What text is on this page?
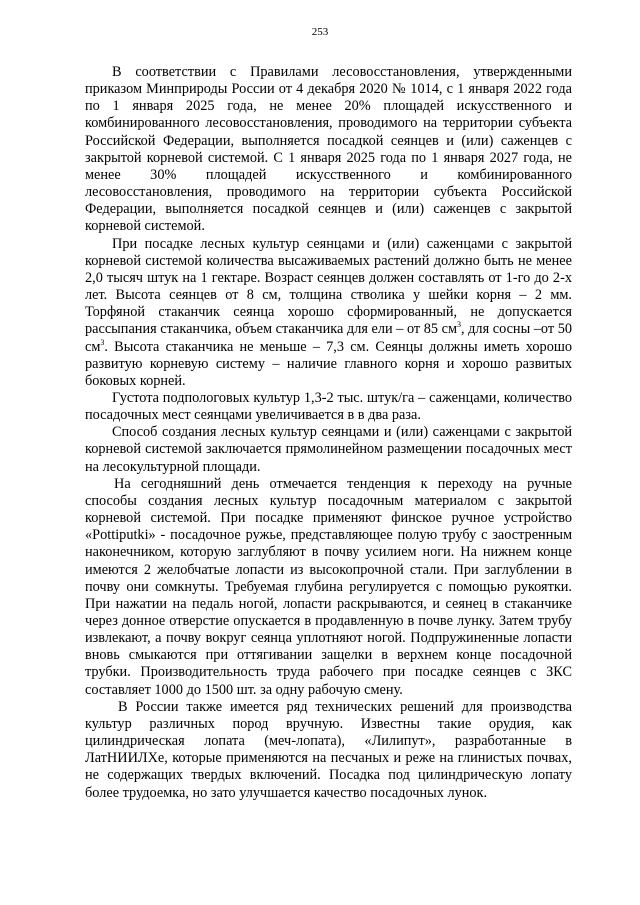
253

В соответствии с Правилами лесовосстановления, утвержденными приказом Минприроды России от 4 декабря 2020 № 1014, с 1 января 2022 года по 1 января 2025 года, не менее 20% площадей искусственного и комбинированного лесовосстановления, проводимого на территории субъекта Российской Федерации, выполняется посадкой сеянцев и (или) саженцев с закрытой корневой системой. С 1 января 2025 года по 1 января 2027 года, не менее 30% площадей искусственного и комбинированного лесовосстановления, проводимого на территории субъекта Российской Федерации, выполняется посадкой сеянцев и (или) саженцев с закрытой корневой системой.

При посадке лесных культур сеянцами и (или) саженцами с закрытой корневой системой количества высаживаемых растений должно быть не менее 2,0 тысяч штук на 1 гектаре. Возраст сеянцев должен составлять от 1-го до 2-х лет. Высота сеянцев от 8 см, толщина стволика у шейки корня – 2 мм. Торфяной стаканчик сеянца хорошо сформированный, не допускается рассыпания стаканчика, объем стаканчика для ели – от 85 $см^3$, для сосны –от 50 $см^3$. Высота стаканчика не меньше – 7,3 см. Сеянцы должны иметь хорошо развитую корневую систему – наличие главного корня и хорошо развитых боковых корней.

Густота подпологовых культур 1,3-2 тыс. штук/га – саженцами, количество посадочных мест сеянцами увеличивается в в два раза.

Способ создания лесных культур сеянцами и (или) саженцами с закрытой корневой системой заключается прямолинейном размещении посадочных мест на лесокультурной площади.

На сегодняшний день отмечается тенденция к переходу на ручные способы создания лесных культур посадочным материалом с закрытой корневой системой. При посадке применяют финское ручное устройство «Pottiputki» - посадочное ружье, представляющее полую трубу с заостренным наконечником, которую заглубляют в почву усилием ноги. На нижнем конце имеются 2 желобчатые лопасти из высокопрочной стали. При заглублении в почву они сомкнуты. Требуемая глубина регулируется с помощью рукоятки. При нажатии на педаль ногой, лопасти раскрываются, и сеянец в стаканчике через донное отверстие опускается в продавленную в почве лунку. Затем трубу извлекают, а почву вокруг сеянца уплотняют ногой. Подпружиненные лопасти вновь смыкаются при оттягивании защелки в верхнем конце посадочной трубки. Производительность труда рабочего при посадке сеянцев с ЗКС составляет 1000 до 1500 шт. за одну рабочую смену.

В России также имеется ряд технических решений для производства культур различных пород вручную. Известны такие орудия, как цилиндрическая лопата (меч-лопата), «Лилипут», разработанные в ЛатНИИЛХе, которые применяются на песчаных и реже на глинистых почвах, не содержащих твердых включений. Посадка под цилиндрическую лопату более трудоемка, но зато улучшается качество посадочных лунок.
